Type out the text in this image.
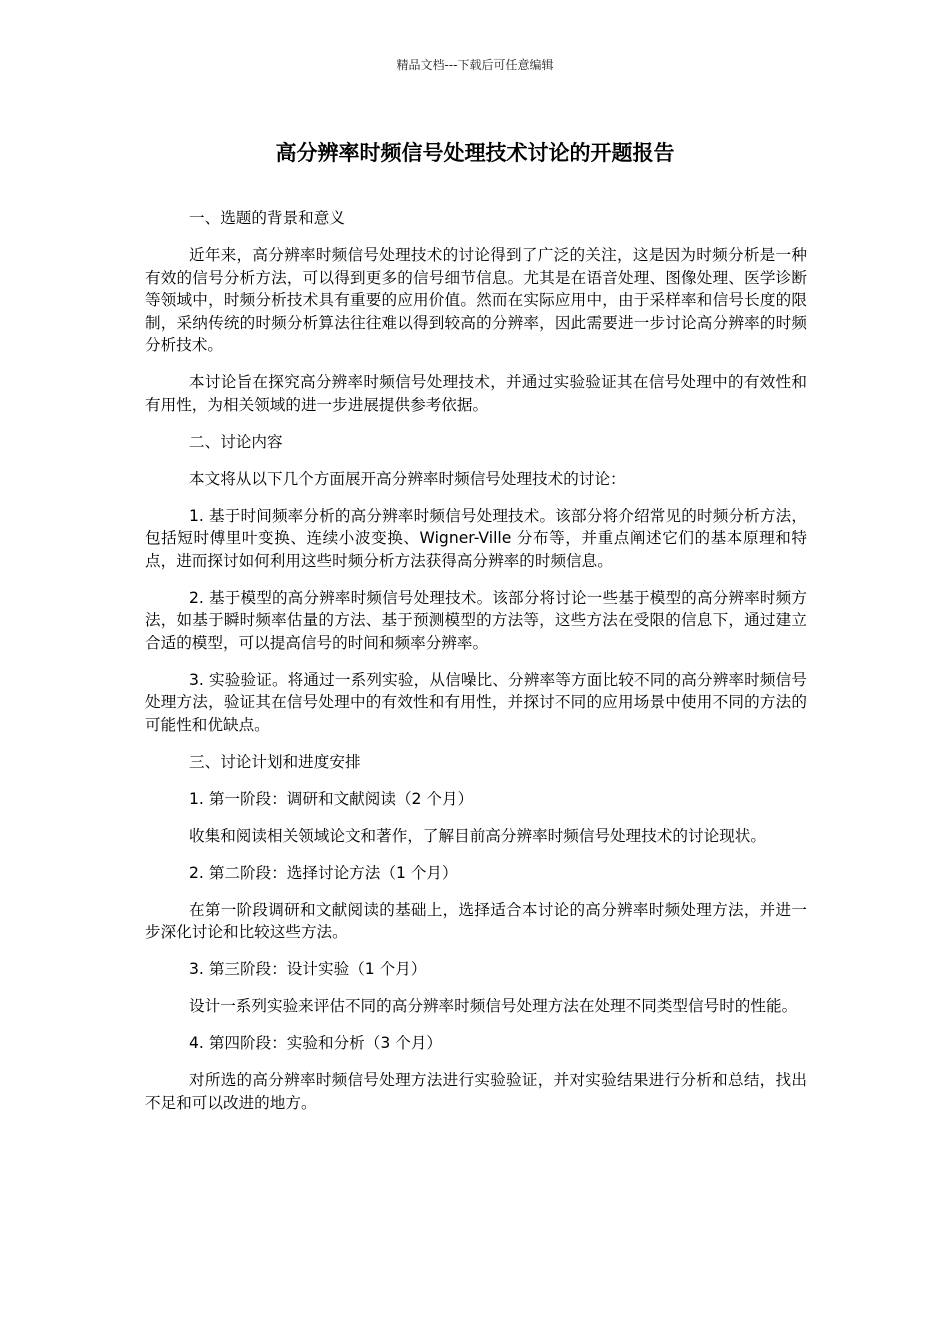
精品文档---下载后可任意编辑
高分辨率时频信号处理技术讨论的开题报告

一、选题的背景和意义

近年来，高分辨率时频信号处理技术的讨论得到了广泛的关注，这是因为时频分析是一种有效的信号分析方法，可以得到更多的信号细节信息。尤其是在语音处理、图像处理、医学诊断等领域中，时频分析技术具有重要的应用价值。然而在实际应用中，由于采样率和信号长度的限制，采纳传统的时频分析算法往往难以得到较高的分辨率，因此需要进一步讨论高分辨率的时频分析技术。

本讨论旨在探究高分辨率时频信号处理技术，并通过实验验证其在信号处理中的有效性和有用性，为相关领域的进一步进展提供参考依据。

二、讨论内容

本文将从以下几个方面展开高分辨率时频信号处理技术的讨论：

1. 基于时间频率分析的高分辨率时频信号处理技术。该部分将介绍常见的时频分析方法，包括短时傅里叶变换、连续小波变换、Wigner-Ville 分布等，并重点阐述它们的基本原理和特点，进而探讨如何利用这些时频分析方法获得高分辨率的时频信息。

2. 基于模型的高分辨率时频信号处理技术。该部分将讨论一些基于模型的高分辨率时频方法，如基于瞬时频率估量的方法、基于预测模型的方法等，这些方法在受限的信息下，通过建立合适的模型，可以提高信号的时间和频率分辨率。

3. 实验验证。将通过一系列实验，从信噪比、分辨率等方面比较不同的高分辨率时频信号处理方法，验证其在信号处理中的有效性和有用性，并探讨不同的应用场景中使用不同的方法的可能性和优缺点。

三、讨论计划和进度安排

1. 第一阶段：调研和文献阅读（2 个月）

收集和阅读相关领域论文和著作，了解目前高分辨率时频信号处理技术的讨论现状。

2. 第二阶段：选择讨论方法（1 个月）

在第一阶段调研和文献阅读的基础上，选择适合本讨论的高分辨率时频处理方法，并进一步深化讨论和比较这些方法。

3. 第三阶段：设计实验（1 个月）

设计一系列实验来评估不同的高分辨率时频信号处理方法在处理不同类型信号时的性能。

4. 第四阶段：实验和分析（3 个月）

对所选的高分辨率时频信号处理方法进行实验验证，并对实验结果进行分析和总结，找出不足和可以改进的地方。
